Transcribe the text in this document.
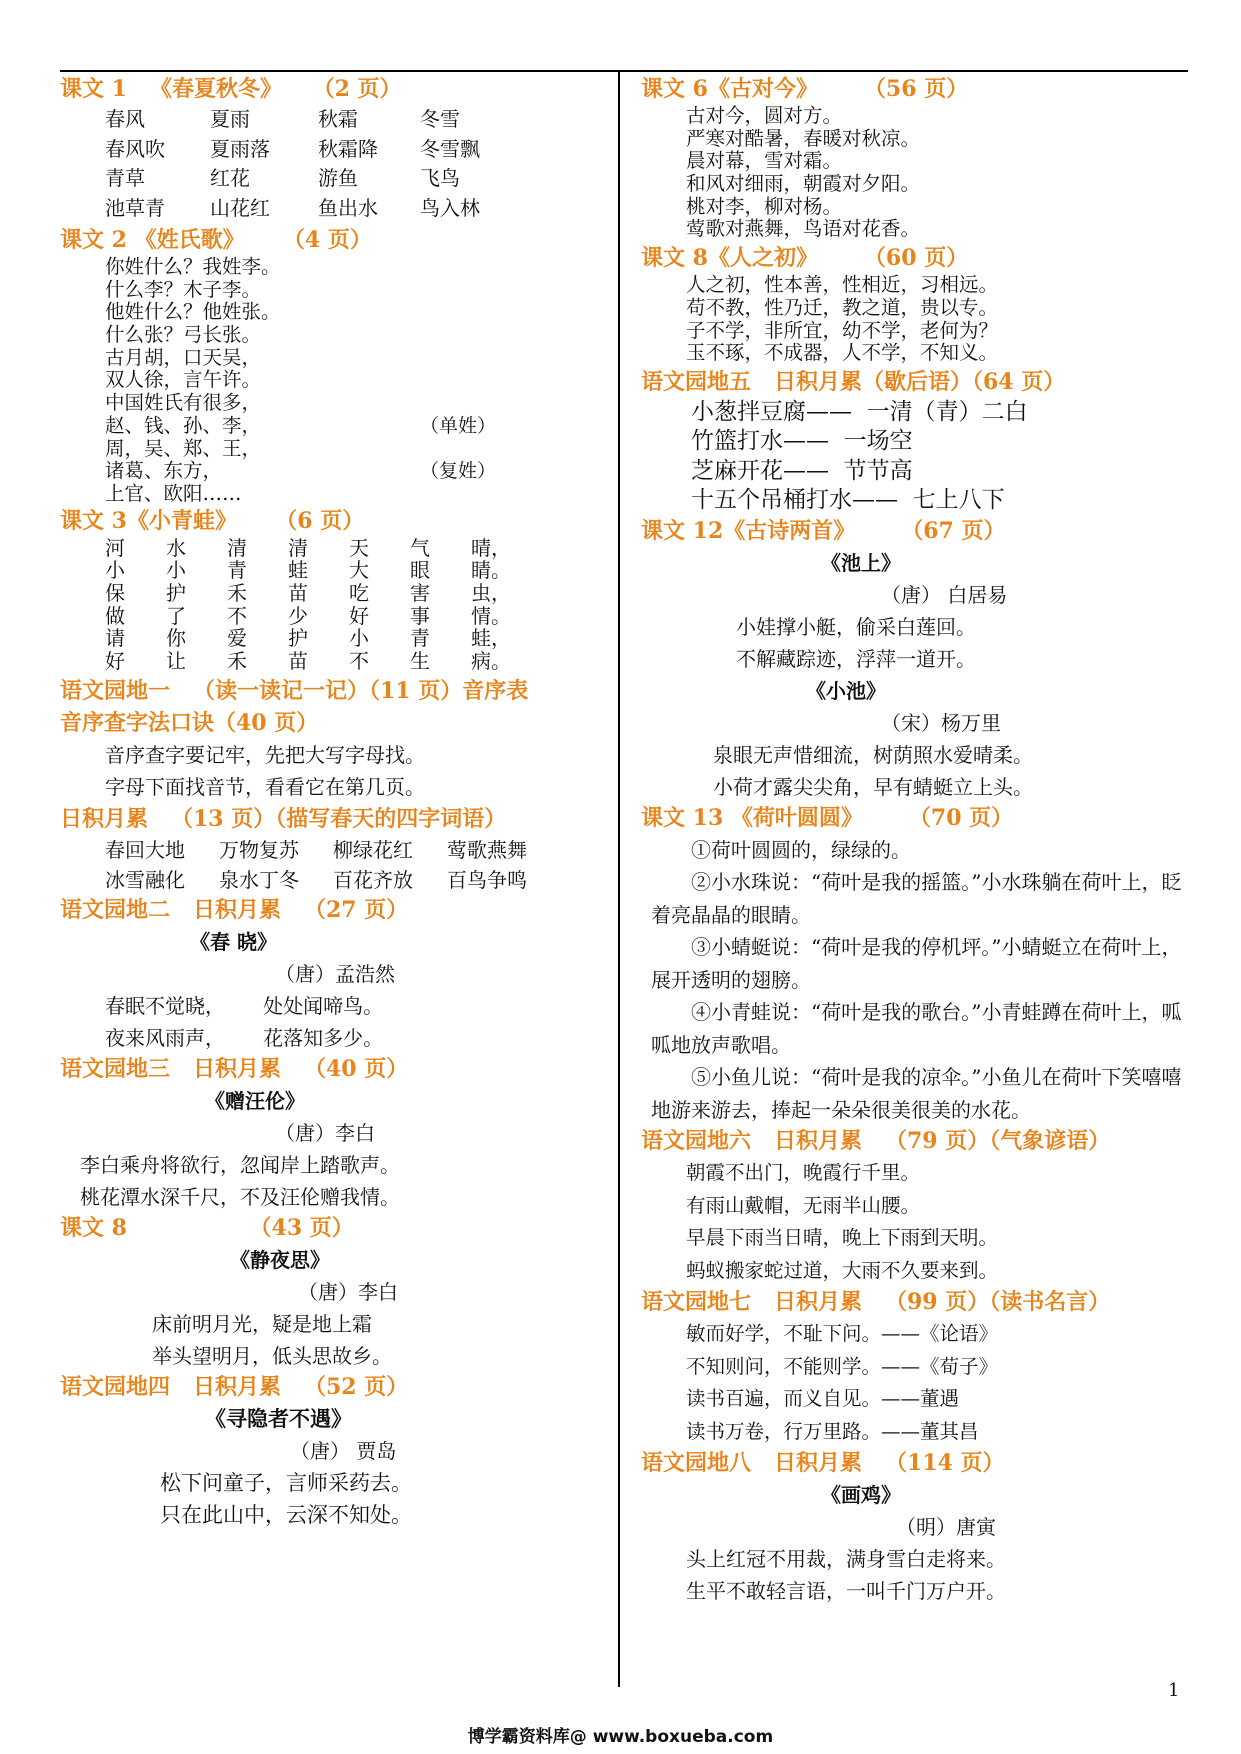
课文 1   《春夏秋冬》    （2 页）
春风	夏雨	秋霜	冬雪
春风吹	夏雨落	秋霜降	冬雪飘
青草	红花	游鱼	飞鸟
池草青	山花红	鱼出水	鸟入林
课文 2 《姓氏歌》     （4 页）
你姓什么？我姓李。
什么李？木子李。
他姓什么？他姓张。
什么张？弓长张。
古月胡，口天吴，
双人徐，言午许。
中国姓氏有很多，
赵、钱、孙、李，	（单姓）
周，吴、郑、王，
诸葛、东方，	（复姓）
上官、欧阳……
课文 3《小青蛙》     （6 页）
河	水	清	清	天	气	晴，
小	小	青	蛙	大	眼	睛。
保	护	禾	苗	吃	害	虫，
做	了	不	少	好	事	情。
请	你	爱	护	小	青	蛙，
好	让	禾	苗	不	生	病。
语文园地一   （读一读记一记）（11 页）音序表
音序查字法口诀（40 页）
音序查字要记牢，先把大写字母找。
字母下面找音节，看看它在第几页。
日积月累   （13 页）（描写春天的四字词语）
春回大地	万物复苏	柳绿花红	莺歌燕舞
冰雪融化	泉水丁冬	百花齐放	百鸟争鸣
语文园地二   日积月累   （27 页）
《春 晓》
（唐）孟浩然
春眠不觉晓，      处处闻啼鸟。
夜来风雨声，      花落知多少。
语文园地三   日积月累   （40 页）
《赠汪伦》
（唐）李白
李白乘舟将欲行，忽闻岸上踏歌声。
桃花潭水深千尺，不及汪伦赠我情。
课文 8                （43 页）
《静夜思》
（唐）李白
床前明月光，疑是地上霜
举头望明月，低头思故乡。
语文园地四   日积月累   （52 页）
《寻隐者不遇》
（唐） 贾岛
松下问童子，言师采药去。
只在此山中，云深不知处。
课文 6《古对今》      （56 页）
古对今，圆对方。
严寒对酷暑，春暖对秋凉。
晨对幕，雪对霜。
和风对细雨，朝霞对夕阳。
桃对李，柳对杨。
莺歌对燕舞，鸟语对花香。
课文 8《人之初》      （60 页）
人之初，性本善，性相近，习相远。
苟不教，性乃迁，教之道，贵以专。
子不学，非所宜，幼不学，老何为？
玉不琢，不成器，人不学，不知义。
语文园地五   日积月累（歇后语）（64 页）
小葱拌豆腐——  一清（青）二白
竹篮打水——  一场空
芝麻开花——  节节高
十五个吊桶打水——  七上八下
课文 12《古诗两首》      （67 页）
《池上》
（唐） 白居易
小娃撑小艇，偷采白莲回。
不解藏踪迹，浮萍一道开。
《小池》
（宋）杨万里
泉眼无声惜细流，树荫照水爱晴柔。
小荷才露尖尖角，早有蜻蜓立上头。
课文 13 《荷叶圆圆》      （70 页）

①荷叶圆圆的，绿绿的。

②小水珠说：“荷叶是我的摇篮。”小水珠躺在荷叶上，眨着亮晶晶的眼睛。

③小蜻蜓说：“荷叶是我的停机坪。”小蜻蜓立在荷叶上，展开透明的翅膀。

④小青蛙说：“荷叶是我的歌台。”小青蛙蹲在荷叶上，呱呱地放声歌唱。

⑤小鱼儿说：“荷叶是我的凉伞。”小鱼儿在荷叶下笑嘻嘻地游来游去，捧起一朵朵很美很美的水花。

语文园地六   日积月累   （79 页）（气象谚语）
朝霞不出门，晚霞行千里。
有雨山戴帽，无雨半山腰。
早晨下雨当日晴，晚上下雨到天明。
蚂蚁搬家蛇过道，大雨不久要来到。
语文园地七   日积月累   （99 页）（读书名言）
敏而好学，不耻下问。——《论语》
不知则问，不能则学。——《荀子》
读书百遍，而义自见。——董遇
读书万卷，行万里路。——董其昌
语文园地八   日积月累   （114 页）
《画鸡》
（明）唐寅
头上红冠不用裁，满身雪白走将来。
生平不敢轻言语，一叫千门万户开。
1
博学霸资料库@ www.boxueba.com
